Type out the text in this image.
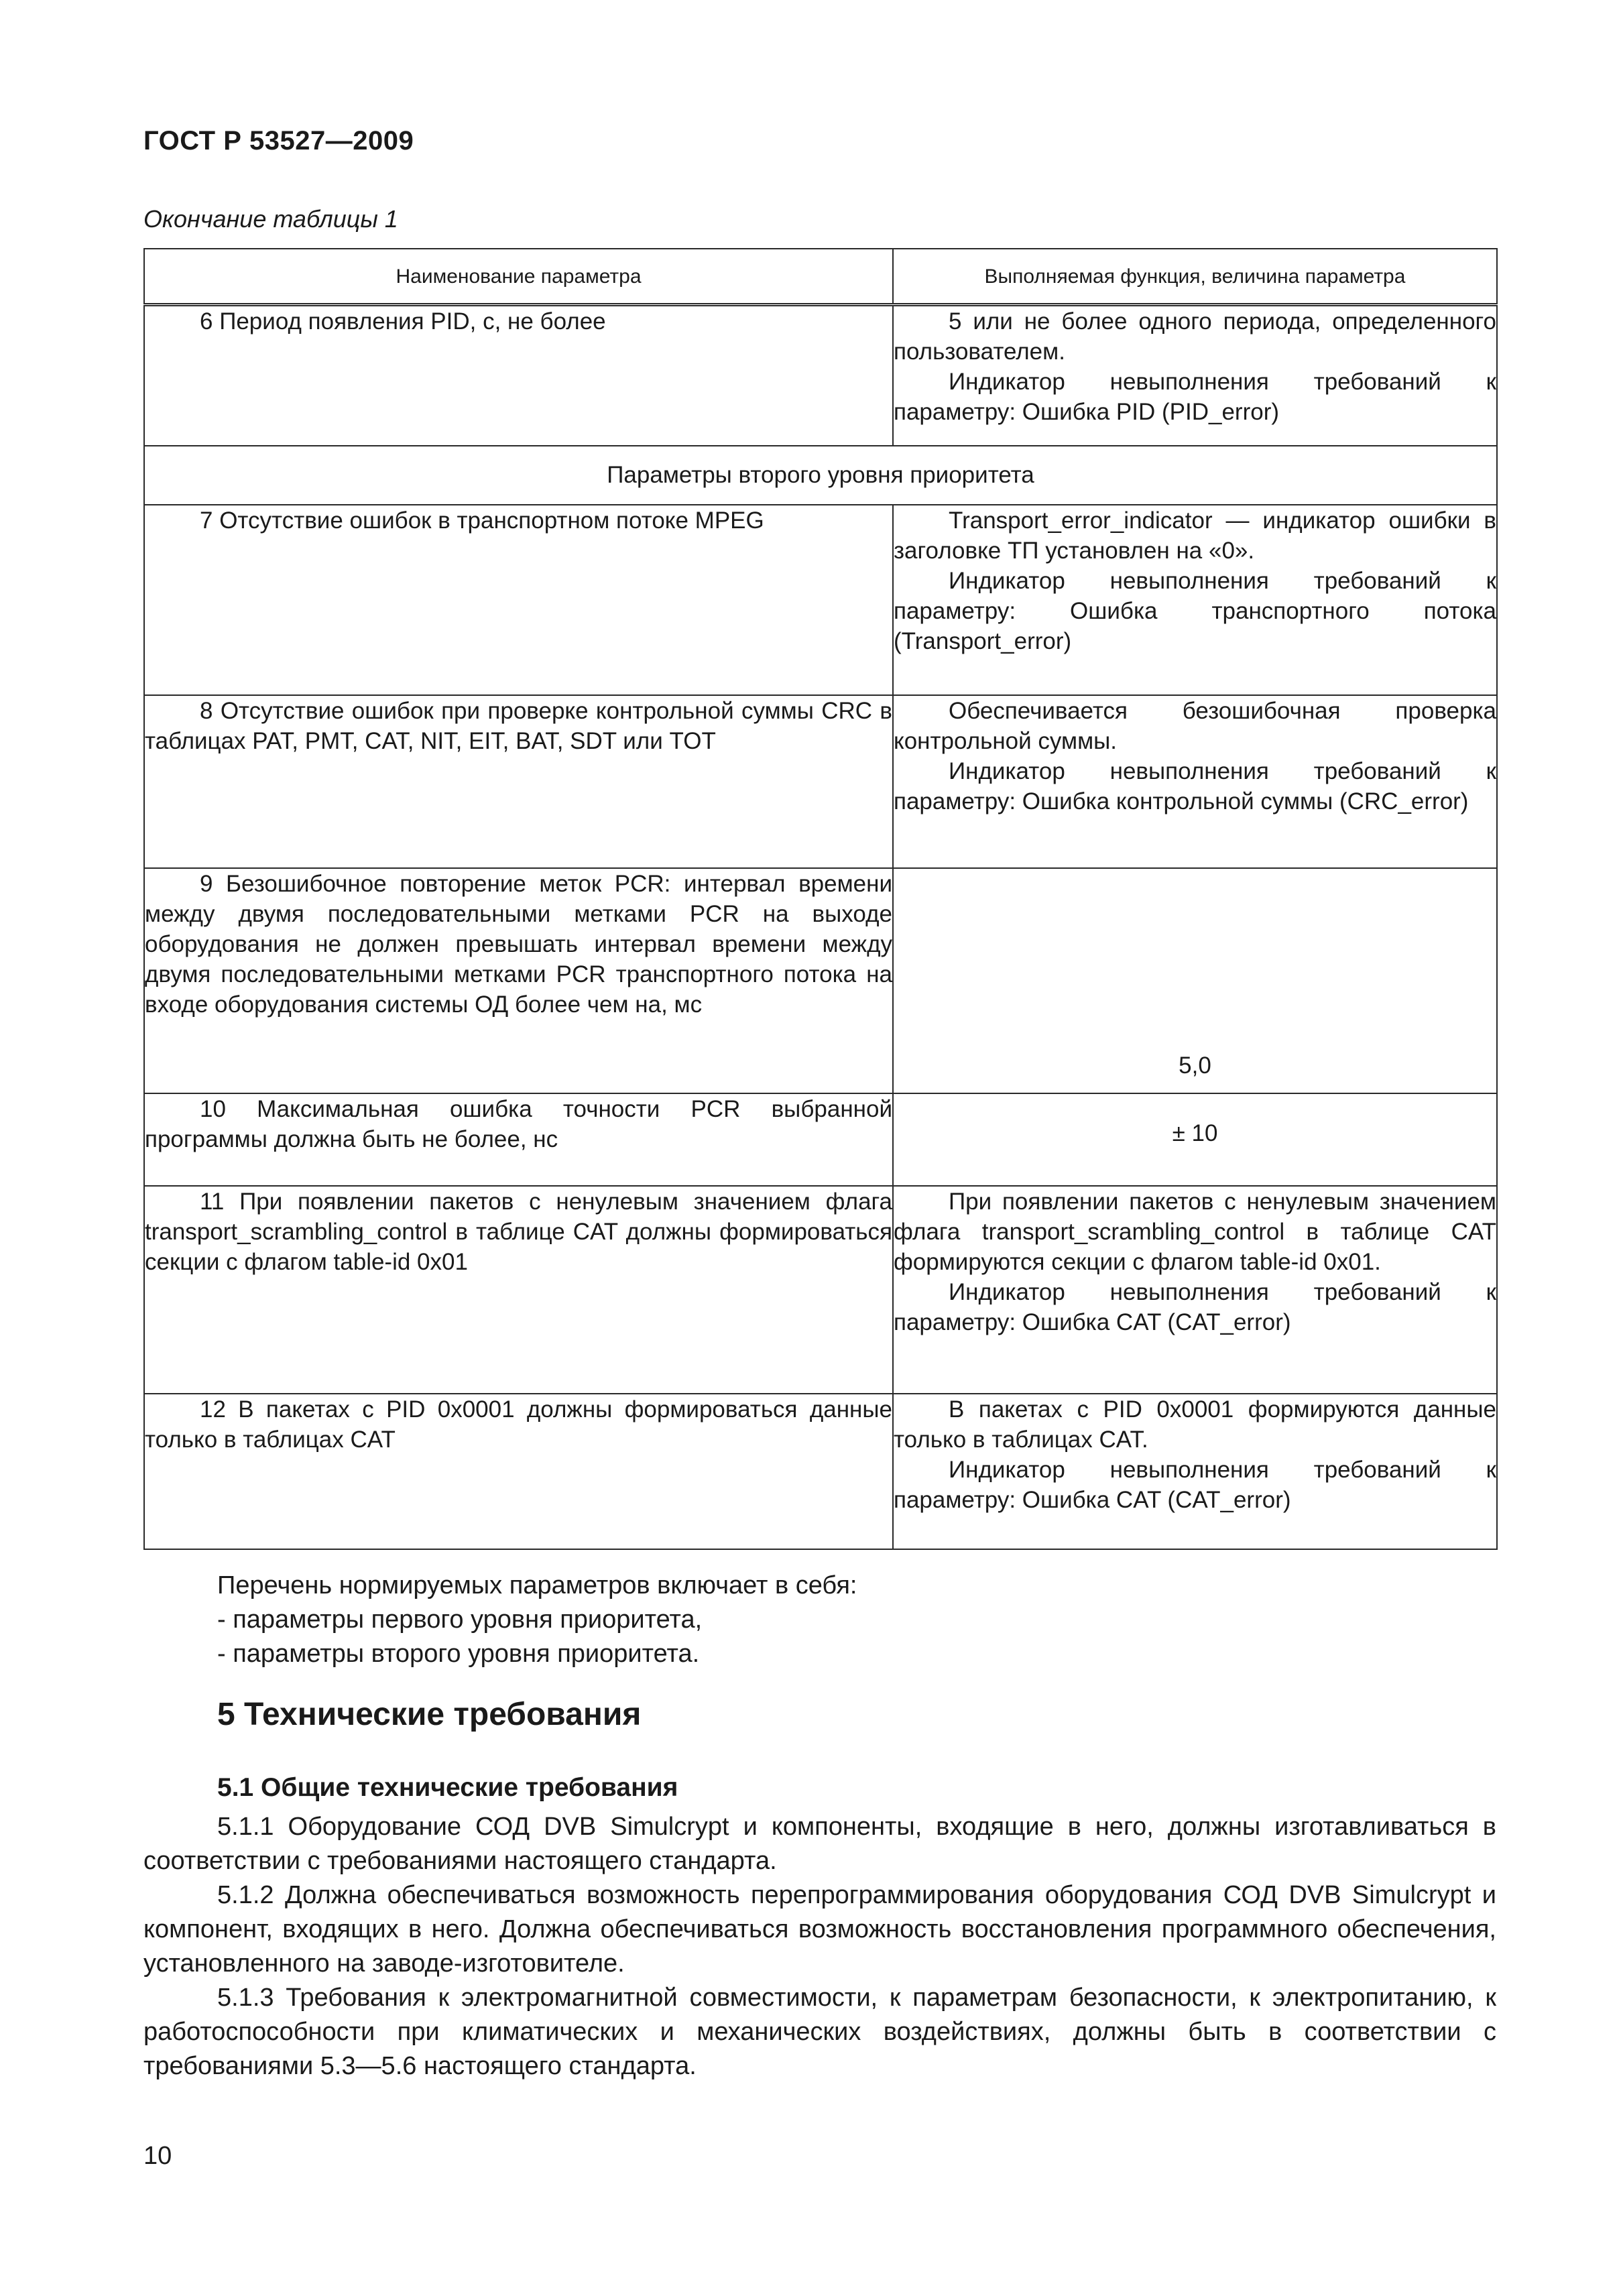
ГОСТ Р 53527—2009
Окончание таблицы 1
Наименование параметра	Выполняемая функция, величина параметра

6 Период появления PID, с, не более	5 или не более одного периода, определенного пользователем.
Индикатор невыполнения требований к параметру: Ошибка PID (PID_error)

Параметры второго уровня приоритета	

7 Отсутствие ошибок в транспортном потоке MPEG	Transport_error_indicator — индикатор ошибки в заголовке ТП установлен на «0».
Индикатор невыполнения требований к параметру: Ошибка транспортного потока (Transport_error)

8 Отсутствие ошибок при проверке контрольной суммы CRC в таблицах PAT, PMT, CAT, NIT, EIT, BAT, SDT или TOT	Обеспечивается безошибочная проверка контрольной суммы.
Индикатор невыполнения требований к параметру: Ошибка контрольной суммы (CRC_error)

9 Безошибочное повторение меток PCR: интервал времени между двумя последовательными метками PCR на выходе оборудования не должен превышать интервал времени между двумя последовательными метками PCR транспортного потока на входе оборудования системы ОД более чем на, мс	5,0

10 Максимальная ошибка точности PCR выбранной программы должна быть не более, нс	± 10

11 При появлении пакетов с ненулевым значением флага transport_scrambling_control в таблице CAT должны формироваться секции с флагом table-id 0x01	При появлении пакетов с ненулевым значением флага transport_scrambling_control в таблице CAT формируются секции с флагом table-id 0x01.
Индикатор невыполнения требований к параметру: Ошибка CAT (CAT_error)

12 В пакетах с PID 0x0001 должны формироваться данные только в таблицах CAT	В пакетах с PID 0x0001 формируются данные только в таблицах CAT.
Индикатор невыполнения требований к параметру: Ошибка CAT (CAT_error)

Перечень нормируемых параметров включает в себя:

- параметры первого уровня приоритета,

- параметры второго уровня приоритета.

5 Технические требования
5.1 Общие технические требования

5.1.1 Оборудование СОД DVB Simulcrypt и компоненты, входящие в него, должны изготавливаться в соответствии с требованиями настоящего стандарта.

5.1.2 Должна обеспечиваться возможность перепрограммирования оборудования СОД DVB Simulcrypt и компонент, входящих в него. Должна обеспечиваться возможность восстановления программного обеспечения, установленного на заводе-изготовителе.

5.1.3 Требования к электромагнитной совместимости, к параметрам безопасности, к электропитанию, к работоспособности при климатических и механических воздействиях, должны быть в соответствии с требованиями 5.3—5.6 настоящего стандарта.

10
